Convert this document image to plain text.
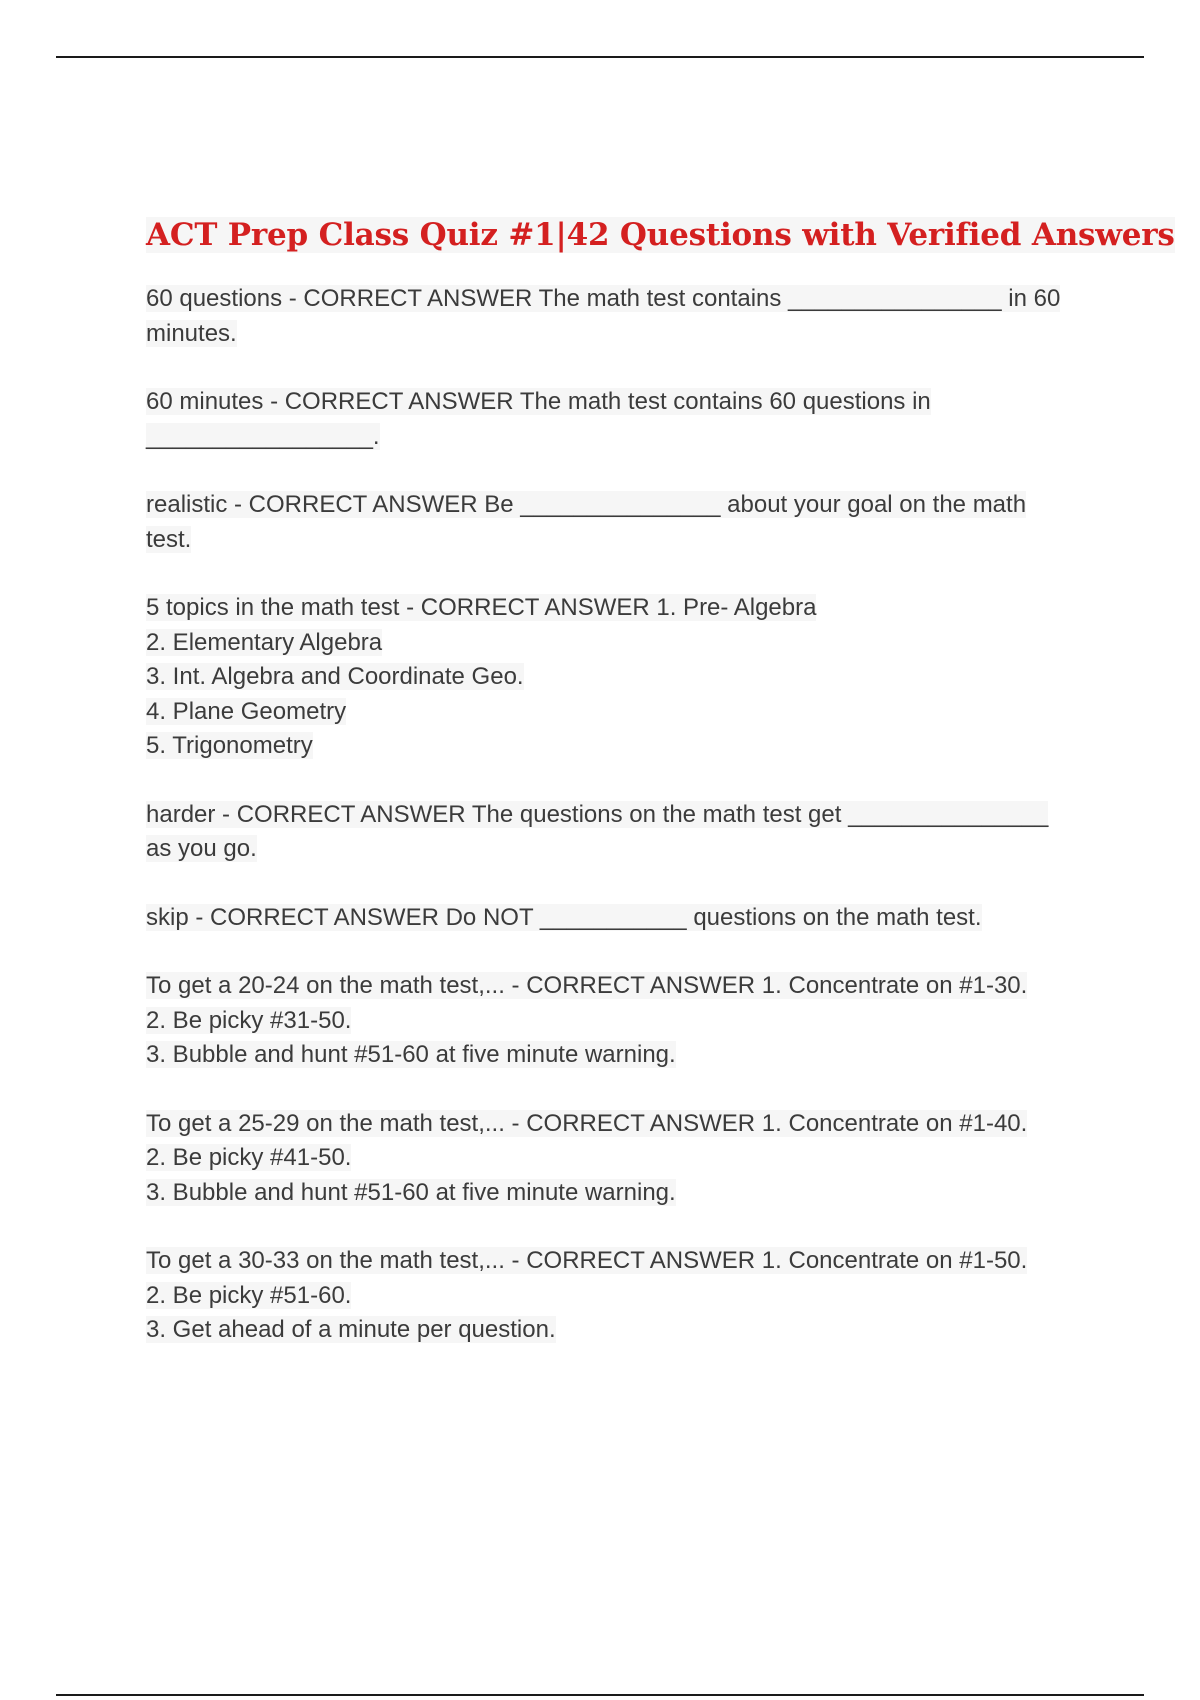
ACT Prep Class Quiz #1|42 Questions with Verified Answers
60 questions - CORRECT ANSWER The math test contains ________________ in 60
minutes.
60 minutes - CORRECT ANSWER The math test contains 60 questions in
_________________.
realistic - CORRECT ANSWER Be _______________ about your goal on the math
test.
5 topics in the math test - CORRECT ANSWER 1. Pre- Algebra
2. Elementary Algebra
3. Int. Algebra and Coordinate Geo.
4. Plane Geometry
5. Trigonometry
harder - CORRECT ANSWER The questions on the math test get _______________
as you go.
skip - CORRECT ANSWER Do NOT ___________ questions on the math test.
To get a 20-24 on the math test,... - CORRECT ANSWER 1. Concentrate on #1-30.
2. Be picky #31-50.
3. Bubble and hunt #51-60 at five minute warning.
To get a 25-29 on the math test,... - CORRECT ANSWER 1. Concentrate on #1-40.
2. Be picky #41-50.
3. Bubble and hunt #51-60 at five minute warning.
To get a 30-33 on the math test,... - CORRECT ANSWER 1. Concentrate on #1-50.
2. Be picky #51-60.
3. Get ahead of a minute per question.
